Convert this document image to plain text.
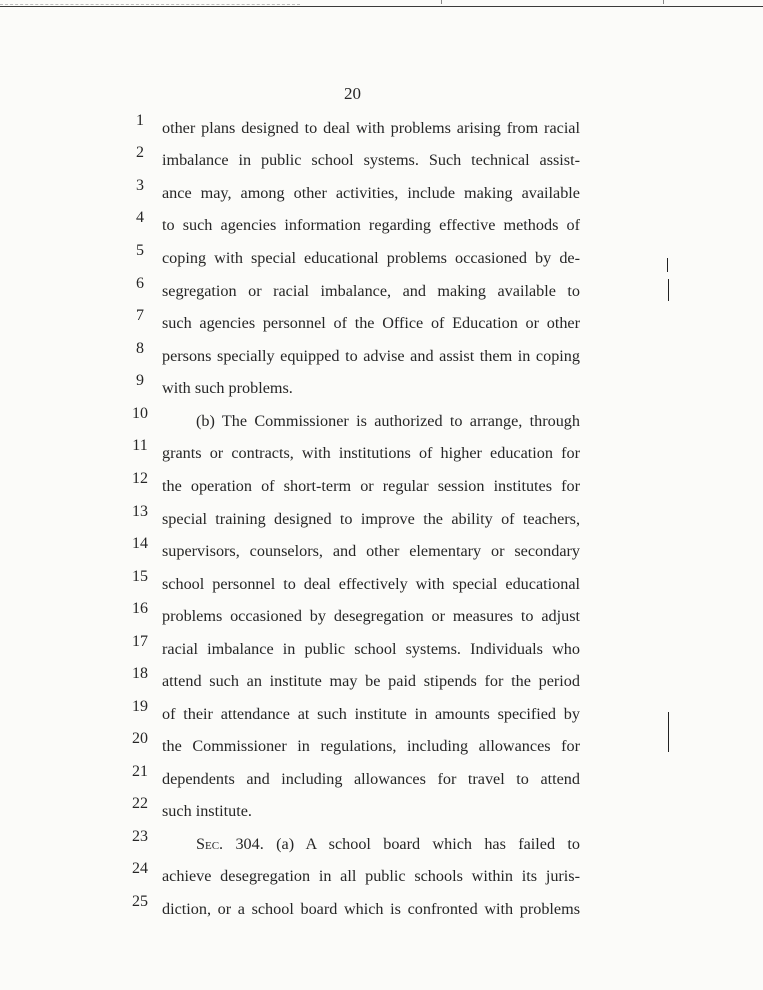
20
1	other plans designed to deal with problems arising from racial
2	imbalance in public school systems. Such technical assist-
3	ance may, among other activities, include making available
4	to such agencies information regarding effective methods of
5	coping with special educational problems occasioned by de-
6	segregation or racial imbalance, and making available to
7	such agencies personnel of the Office of Education or other
8	persons specially equipped to advise and assist them in coping
9	with such problems.
10	(b) The Commissioner is authorized to arrange, through
11 grants or contracts, with institutions of higher education for
12 the operation of short-term or regular session institutes for
13 special training designed to improve the ability of teachers,
14 supervisors, counselors, and other elementary or secondary
15 school personnel to deal effectively with special educational
16 problems occasioned by desegregation or measures to adjust
17 racial imbalance in public school systems. Individuals who
18 attend such an institute may be paid stipends for the period
19 of their attendance at such institute in amounts specified by
20 the Commissioner in regulations, including allowances for
21 dependents and including allowances for travel to attend
22 such institute.
23	Sec. 304. (a) A school board which has failed to
24 achieve desegregation in all public schools within its juris-
25 diction, or a school board which is confronted with problems
